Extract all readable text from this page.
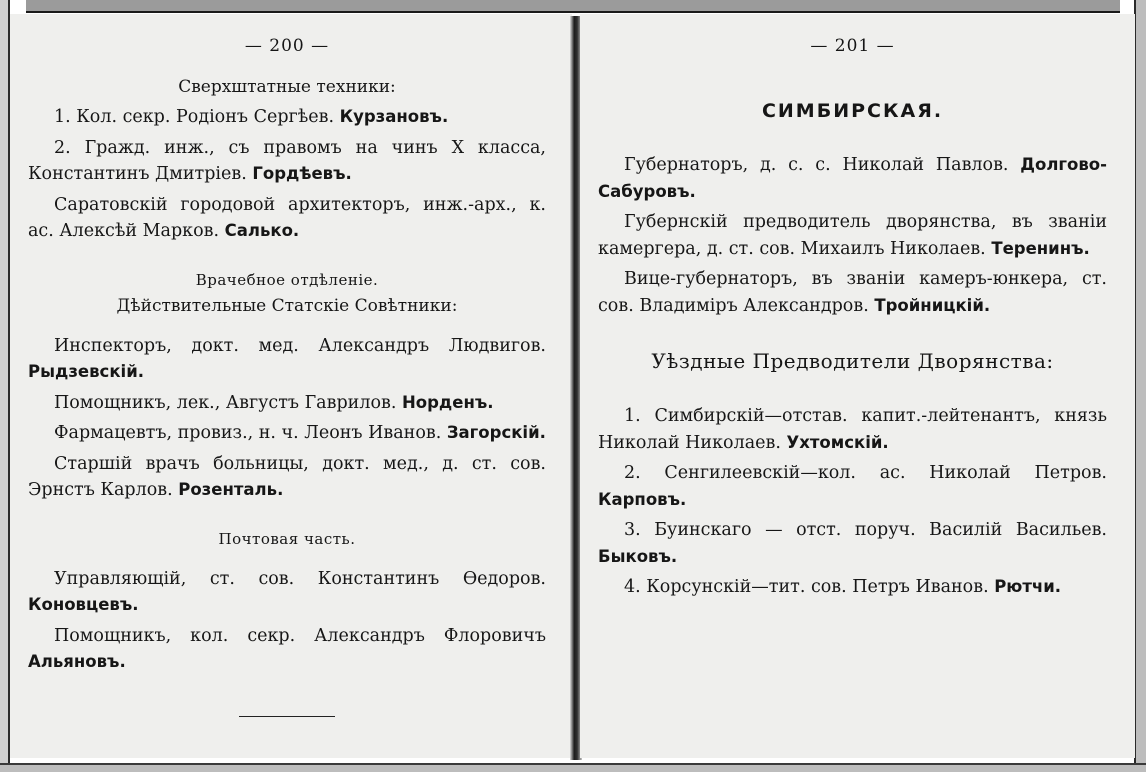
— 200 —
Сверхштатные техники:
1. Кол. секр. Родіонъ Сергѣев. Курзановъ.
2. Гражд. инж., съ правомъ на чинъ X класса, Константинъ Дмитріев. Гордѣевъ.
Саратовскій городовой архитекторъ, инж.-арх., к. ас. Алексѣй Марков. Салько.
Врачебное отдѣленіе.
Дѣйствительные Статскіе Совѣтники:
Инспекторъ, докт. мед. Александръ Людвигов. Рыдзевскій.
Помощникъ, лек., Августъ Гаврилов. Норденъ.
Фармацевтъ, провиз., н. ч. Леонъ Иванов. Загорскій.
Старшій врачъ больницы, докт. мед., д. ст. сов. Эрнстъ Карлов. Розенталь.
Почтовая часть.
Управляющій, ст. сов. Константинъ Өедоров. Коновцевъ.
Помощникъ, кол. секр. Александръ Флоровичъ Альяновъ.
— 201 —
СИМБИРСКАЯ.
Губернаторъ, д. с. с. Николай Павлов. Долгово-Сабуровъ.
Губернскій предводитель дворянства, въ званіи камергера, д. ст. сов. Михаилъ Николаев. Теренинъ.
Вице-губернаторъ, въ званіи камеръ-юнкера, ст. сов. Владиміръ Александров. Тройницкій.
Уѣздные Предводители Дворянства:
1. Симбирскій—отстав. капит.-лейтенантъ, князь Николай Николаев. Ухтомскій.
2. Сенгилеевскій—кол. ас. Николай Петров. Карповъ.
3. Буинскаго — отст. поруч. Василій Васильев. Быковъ.
4. Корсунскій—тит. сов. Петръ Иванов. Рютчи.
